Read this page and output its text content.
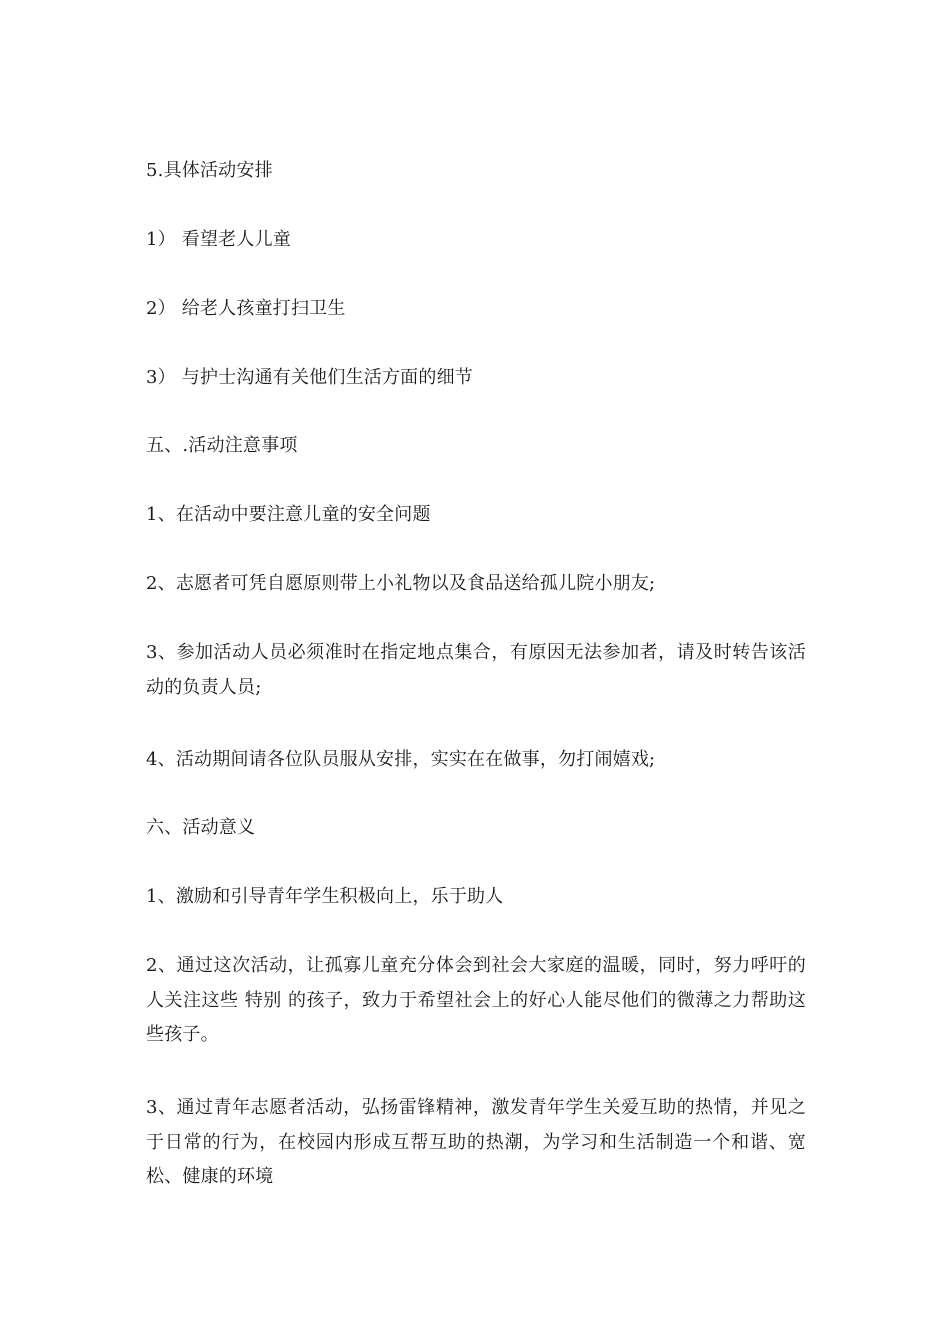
5.具体活动安排
1） 看望老人儿童
2） 给老人孩童打扫卫生
3） 与护士沟通有关他们生活方面的细节
五、.活动注意事项
1、在活动中要注意儿童的安全问题
2、志愿者可凭自愿原则带上小礼物以及食品送给孤儿院小朋友;
3、参加活动人员必须准时在指定地点集合，有原因无法参加者，请及时转告该活动的负责人员;
4、活动期间请各位队员服从安排，实实在在做事，勿打闹嬉戏;
六、活动意义
1、激励和引导青年学生积极向上，乐于助人
2、通过这次活动，让孤寡儿童充分体会到社会大家庭的温暖，同时，努力呼吁的人关注这些 特别 的孩子，致力于希望社会上的好心人能尽他们的微薄之力帮助这些孩子。
3、通过青年志愿者活动，弘扬雷锋精神，激发青年学生关爱互助的热情，并见之于日常的行为，在校园内形成互帮互助的热潮，为学习和生活制造一个和谐、宽松、健康的环境
